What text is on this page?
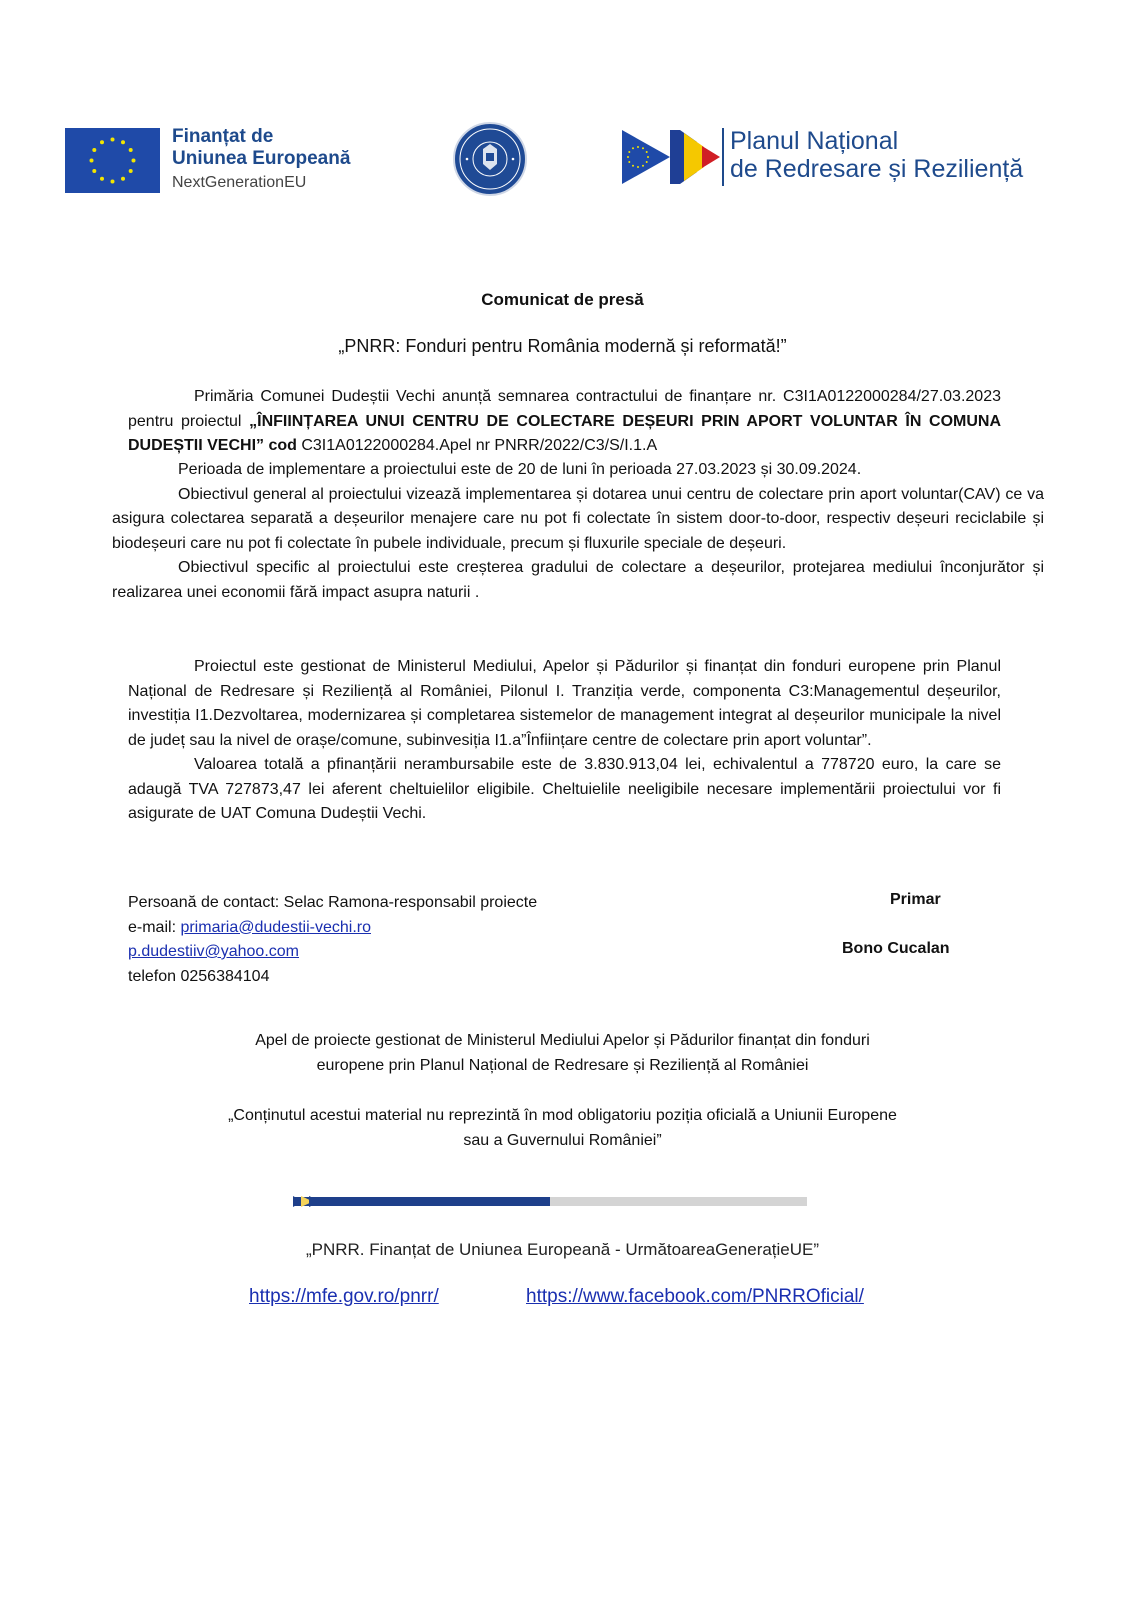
Finanțat de
Uniunea Europeană
NextGenerationEU
Planul Național
de Redresare și Reziliență
Comunicat de presă
„PNRR: Fonduri pentru România modernă și reformată!”
Primăria Comunei Dudeștii Vechi anunță semnarea contractului de finanțare nr. C3I1A0122000284/27.03.2023 pentru proiectul „ÎNFIINȚAREA UNUI CENTRU DE COLECTARE DEȘEURI PRIN APORT VOLUNTAR ÎN COMUNA DUDEȘTII VECHI” cod C3I1A0122000284.Apel nr PNRR/2022/C3/S/I.1.A
Perioada de implementare a proiectului este de 20 de luni în perioada 27.03.2023 și 30.09.2024.
Obiectivul general al proiectului vizează implementarea și dotarea unui centru de colectare prin aport voluntar(CAV) ce va asigura colectarea separată a deșeurilor menajere care nu pot fi colectate în sistem door-to-door, respectiv deșeuri reciclabile și biodeșeuri care nu pot fi colectate în pubele individuale, precum și fluxurile speciale de deșeuri.
Obiectivul specific al proiectului este creșterea gradului de colectare a deșeurilor, protejarea mediului înconjurător și realizarea unei economii fără impact asupra naturii .
Proiectul este gestionat de Ministerul Mediului, Apelor și Pădurilor și finanțat din fonduri europene prin Planul Național de Redresare și Reziliență al României, Pilonul I. Tranziția verde, componenta C3:Managementul deșeurilor, investiția I1.Dezvoltarea, modernizarea și completarea sistemelor de management integrat al deșeurilor municipale la nivel de județ sau la nivel de orașe/comune, subinvesiția I1.a”Înființare centre de colectare prin aport voluntar”.
Valoarea totală a pfinanțării nerambursabile este de 3.830.913,04 lei, echivalentul a 778720 euro, la care se adaugă TVA 727873,47 lei aferent cheltuielilor eligibile. Cheltuielile neeligibile necesare implementării proiectului vor fi asigurate de UAT Comuna Dudeștii Vechi.
Persoană de contact: Selac Ramona-responsabil proiecte
e-mail: primaria@dudestii-vechi.ro
p.dudestiiv@yahoo.com
telefon 0256384104
Primar
Bono Cucalan
Apel de proiecte gestionat de Ministerul Mediului Apelor și Pădurilor finanțat din fonduri
europene prin Planul Național de Redresare și Reziliență al României
„Conținutul acestui material nu reprezintă în mod obligatoriu poziția oficială a Uniunii Europene
sau a Guvernului României”
„PNRR. Finanțat de Uniunea Europeană - UrmătoareaGenerațieUE”
https://mfe.gov.ro/pnrr/	https://www.facebook.com/PNRROficial/
